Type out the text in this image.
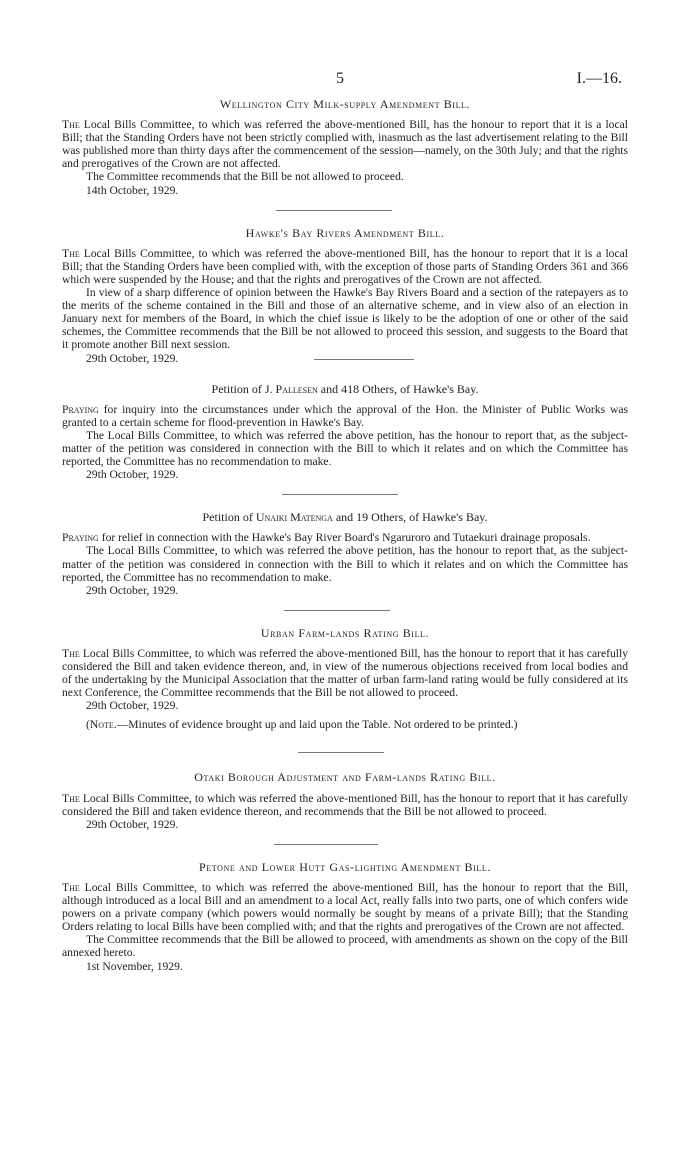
5	I.—16.
Wellington City Milk-supply Amendment Bill.

The Local Bills Committee, to which was referred the above-mentioned Bill, has the honour to report that it is a local Bill; that the Standing Orders have not been strictly complied with, inasmuch as the last advertisement relating to the Bill was published more than thirty days after the commencement of the session—namely, on the 30th July; and that the rights and prerogatives of the Crown are not affected.

The Committee recommends that the Bill be not allowed to proceed.

14th October, 1929.
Hawke's Bay Rivers Amendment Bill.

The Local Bills Committee, to which was referred the above-mentioned Bill, has the honour to report that it is a local Bill; that the Standing Orders have been complied with, with the exception of those parts of Standing Orders 361 and 366 which were suspended by the House; and that the rights and prerogatives of the Crown are not affected.

In view of a sharp difference of opinion between the Hawke's Bay Rivers Board and a section of the ratepayers as to the merits of the scheme contained in the Bill and those of an alternative scheme, and in view also of an election in January next for members of the Board, in which the chief issue is likely to be the adoption of one or other of the said schemes, the Committee recommends that the Bill be not allowed to proceed this session, and suggests to the Board that it promote another Bill next session.

29th October, 1929.
Petition of J. Pallesen and 418 Others, of Hawke's Bay.

Praying for inquiry into the circumstances under which the approval of the Hon. the Minister of Public Works was granted to a certain scheme for flood-prevention in Hawke's Bay.

The Local Bills Committee, to which was referred the above petition, has the honour to report that, as the subject-matter of the petition was considered in connection with the Bill to which it relates and on which the Committee has reported, the Committee has no recommendation to make.

29th October, 1929.
Petition of Unaiki Matenga and 19 Others, of Hawke's Bay.

Praying for relief in connection with the Hawke's Bay River Board's Ngaruroro and Tutaekuri drainage proposals.

The Local Bills Committee, to which was referred the above petition, has the honour to report that, as the subject-matter of the petition was considered in connection with the Bill to which it relates and on which the Committee has reported, the Committee has no recommendation to make.

29th October, 1929.
Urban Farm-lands Rating Bill.

The Local Bills Committee, to which was referred the above-mentioned Bill, has the honour to report that it has carefully considered the Bill and taken evidence thereon, and, in view of the numerous objections received from local bodies and of the undertaking by the Municipal Association that the matter of urban farm-land rating would be fully considered at its next Conference, the Committee recommends that the Bill be not allowed to proceed.

29th October, 1929.
(Note.—Minutes of evidence brought up and laid upon the Table. Not ordered to be printed.)
Otaki Borough Adjustment and Farm-lands Rating Bill.

The Local Bills Committee, to which was referred the above-mentioned Bill, has the honour to report that it has carefully considered the Bill and taken evidence thereon, and recommends that the Bill be not allowed to proceed.

29th October, 1929.
Petone and Lower Hutt Gas-lighting Amendment Bill.

The Local Bills Committee, to which was referred the above-mentioned Bill, has the honour to report that the Bill, although introduced as a local Bill and an amendment to a local Act, really falls into two parts, one of which confers wide powers on a private company (which powers would normally be sought by means of a private Bill); that the Standing Orders relating to local Bills have been complied with; and that the rights and prerogatives of the Crown are not affected.

The Committee recommends that the Bill be allowed to proceed, with amendments as shown on the copy of the Bill annexed hereto.

1st November, 1929.
